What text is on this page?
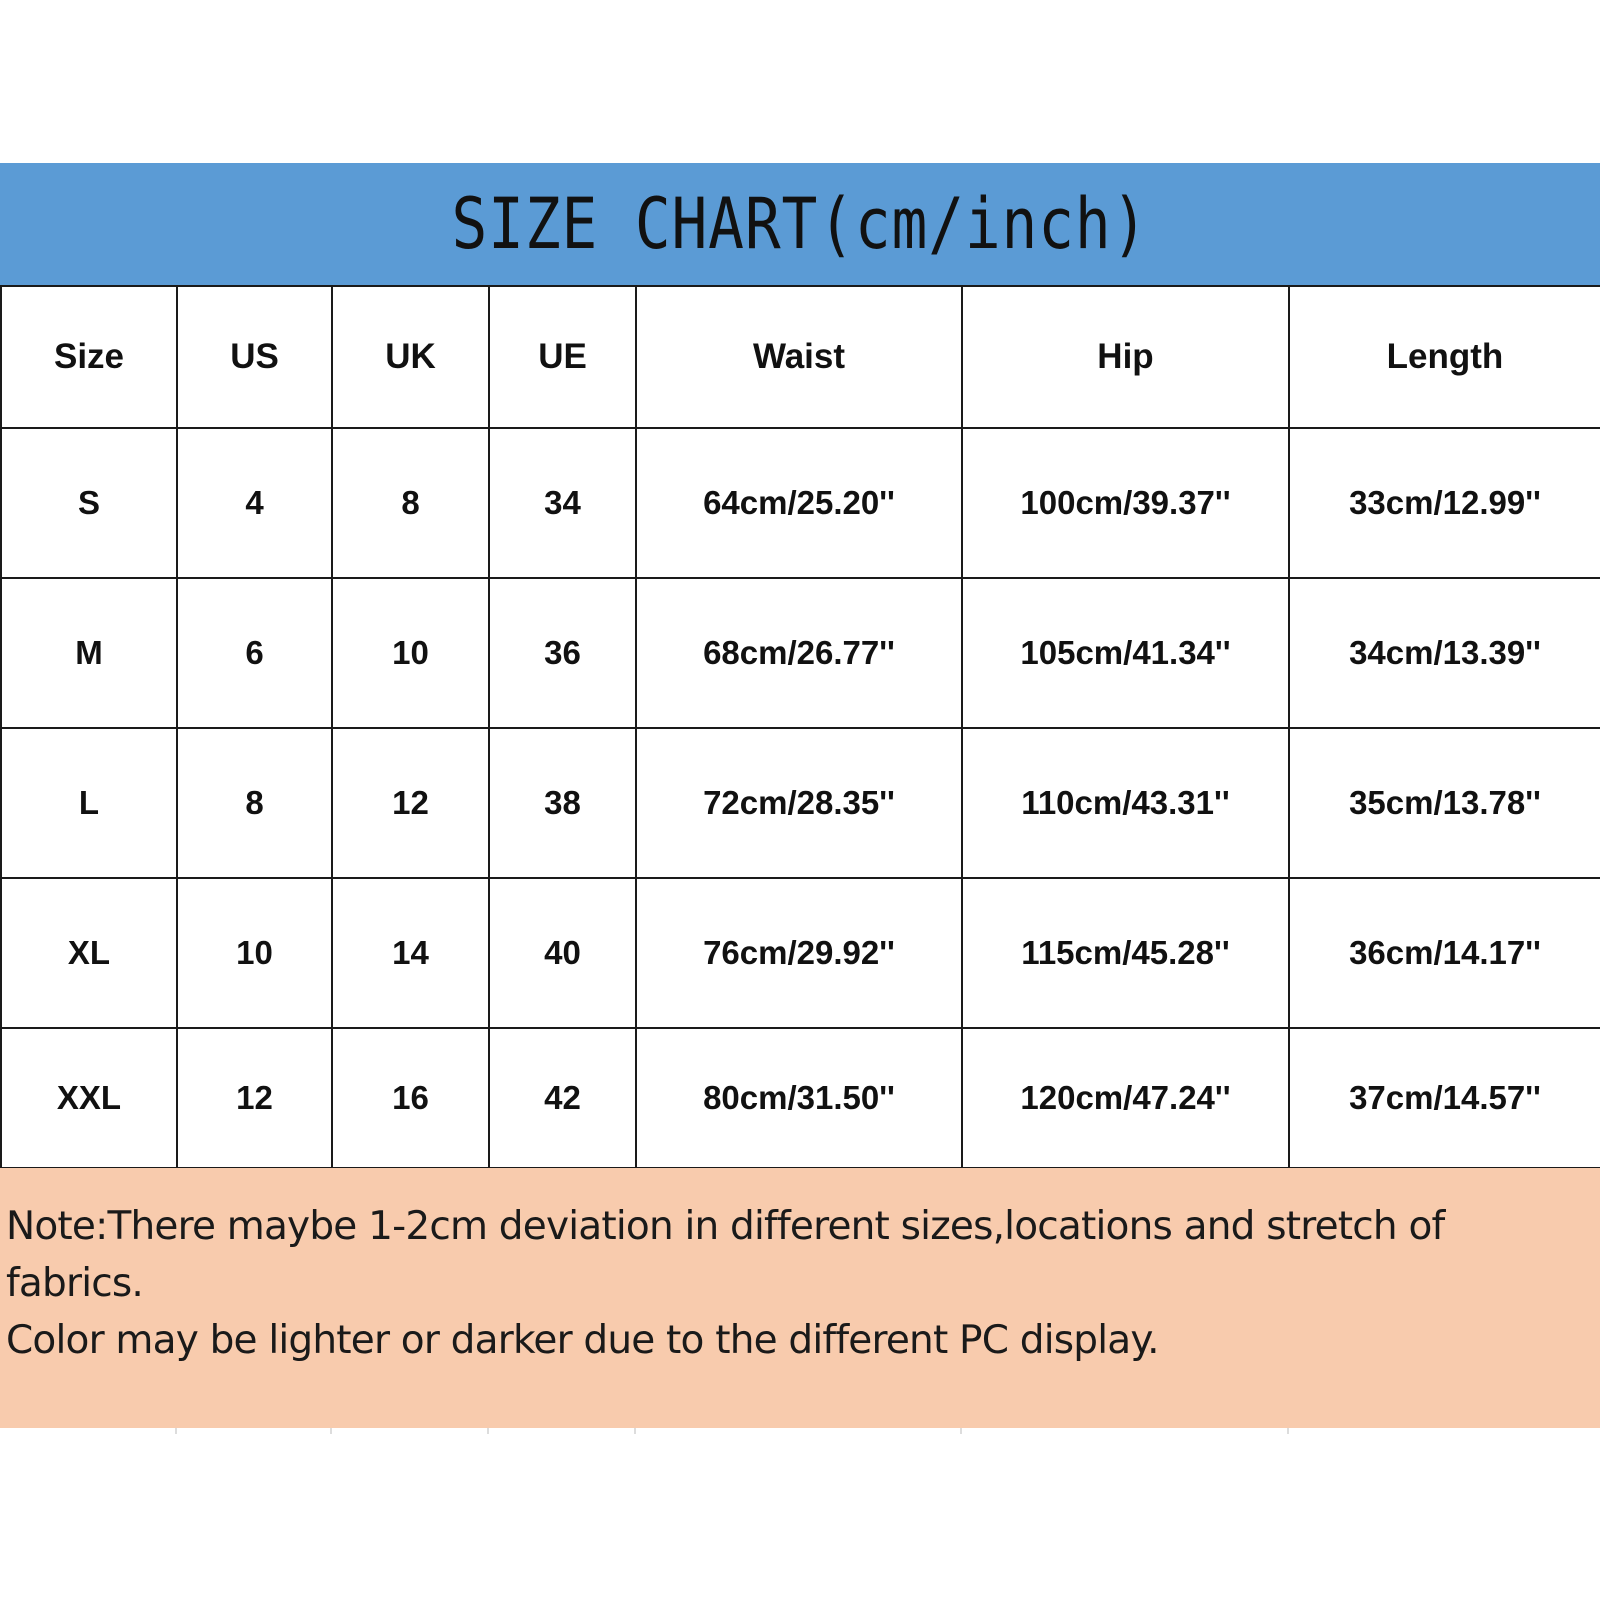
SIZE CHART(cm/inch)
Size	US	UK	UE	Waist	Hip	Length
S	4	8	34	64cm/25.20''	100cm/39.37''	33cm/12.99''
M	6	10	36	68cm/26.77''	105cm/41.34''	34cm/13.39''
L	8	12	38	72cm/28.35''	110cm/43.31''	35cm/13.78''
XL	10	14	40	76cm/29.92''	115cm/45.28''	36cm/14.17''
XXL	12	16	42	80cm/31.50''	120cm/47.24''	37cm/14.57''
Note:There maybe 1-2cm deviation in different sizes,locations and stretch of
fabrics.
Color may be lighter or darker due to the different PC display.
